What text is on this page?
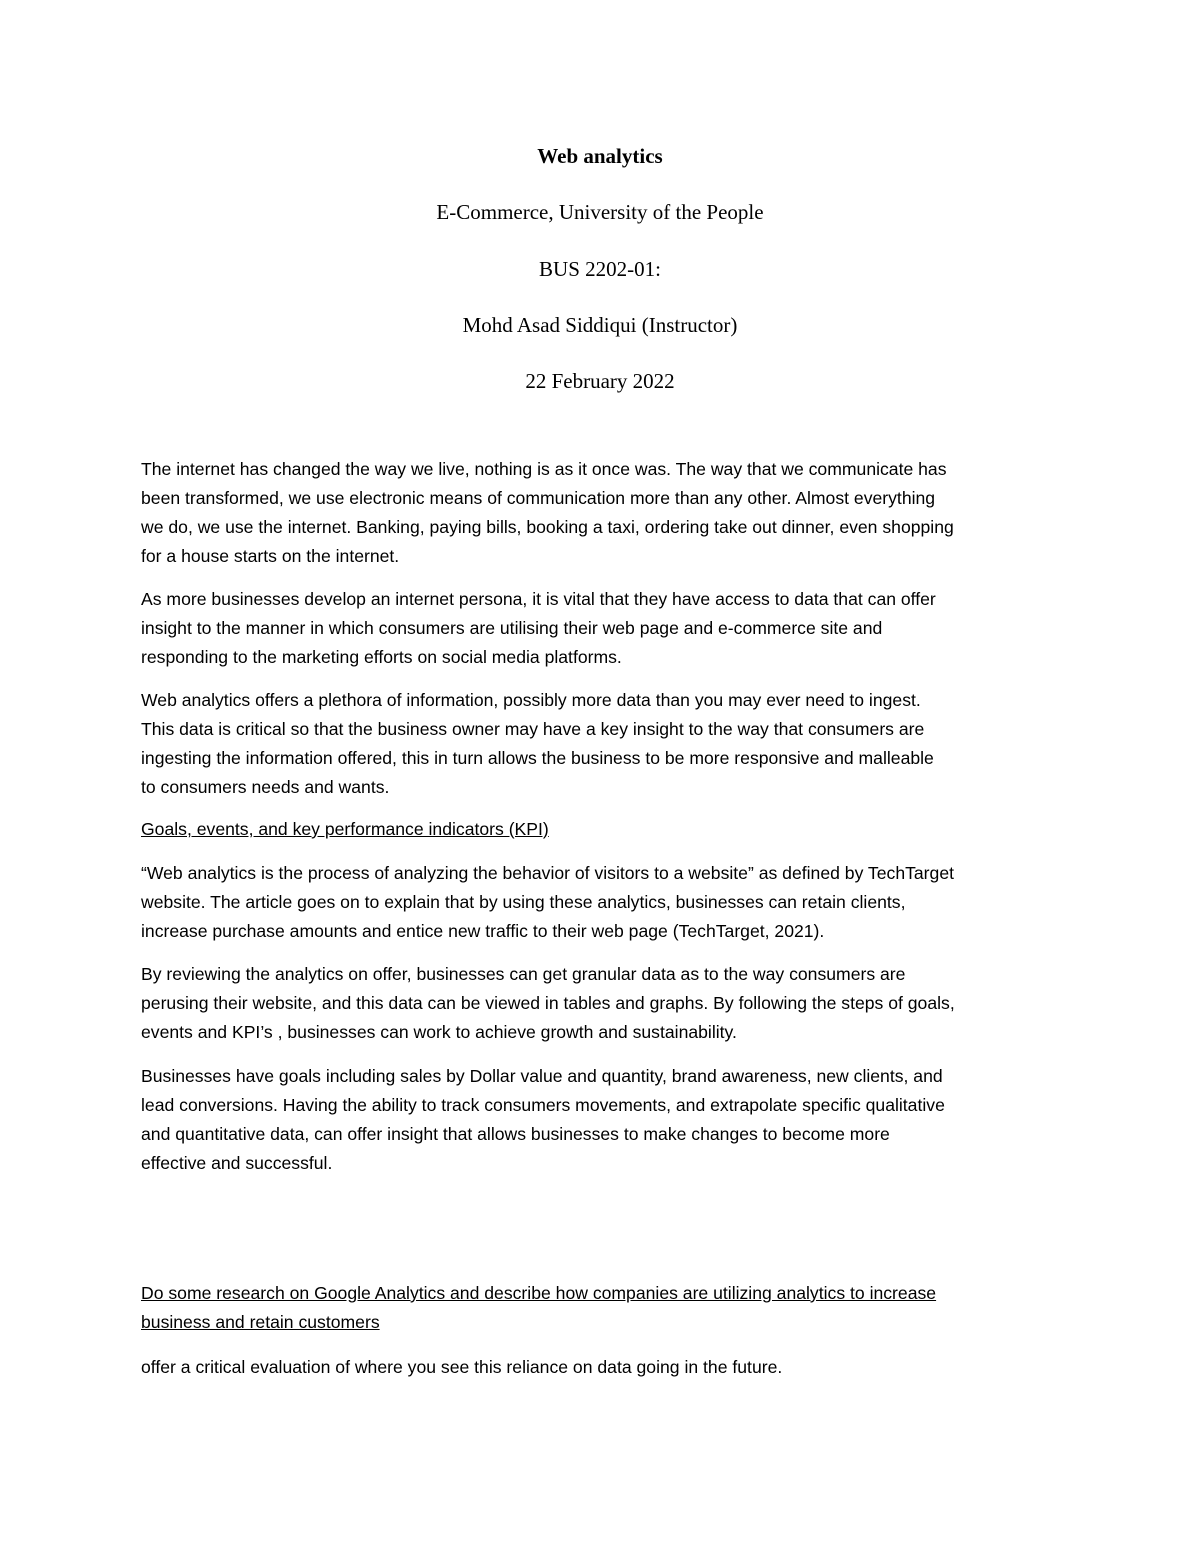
Web analytics

E-Commerce, University of the People

BUS 2202-01:

Mohd Asad Siddiqui (Instructor)

22 February 2022

The internet has changed the way we live, nothing is as it once was. The way that we communicate has
been transformed, we use electronic means of communication more than any other. Almost everything
we do, we use the internet. Banking, paying bills, booking a taxi, ordering take out dinner, even shopping
for a house starts on the internet.
As more businesses develop an internet persona, it is vital that they have access to data that can offer
insight to the manner in which consumers are utilising their web page and e-commerce site and
responding to the marketing efforts on social media platforms.
Web analytics offers a plethora of information, possibly more data than you may ever need to ingest.
This data is critical so that the business owner may have a key insight to the way that consumers are
ingesting the information offered, this in turn allows the business to be more responsive and malleable
to consumers needs and wants.
Goals, events, and key performance indicators (KPI)
“Web analytics is the process of analyzing the behavior of visitors to a website” as defined by TechTarget
website. The article goes on to explain that by using these analytics, businesses can retain clients,
increase purchase amounts and entice new traffic to their web page (TechTarget, 2021).
By reviewing the analytics on offer, businesses can get granular data as to the way consumers are
perusing their website, and this data can be viewed in tables and graphs. By following the steps of goals,
events and KPI’s , businesses can work to achieve growth and sustainability.
Businesses have goals including sales by Dollar value and quantity, brand awareness, new clients, and
lead conversions. Having the ability to track consumers movements, and extrapolate specific qualitative
and quantitative data, can offer insight that allows businesses to make changes to become more
effective and successful.
Do some research on Google Analytics and describe how companies are utilizing analytics to increase
business and retain customers
offer a critical evaluation of where you see this reliance on data going in the future.
